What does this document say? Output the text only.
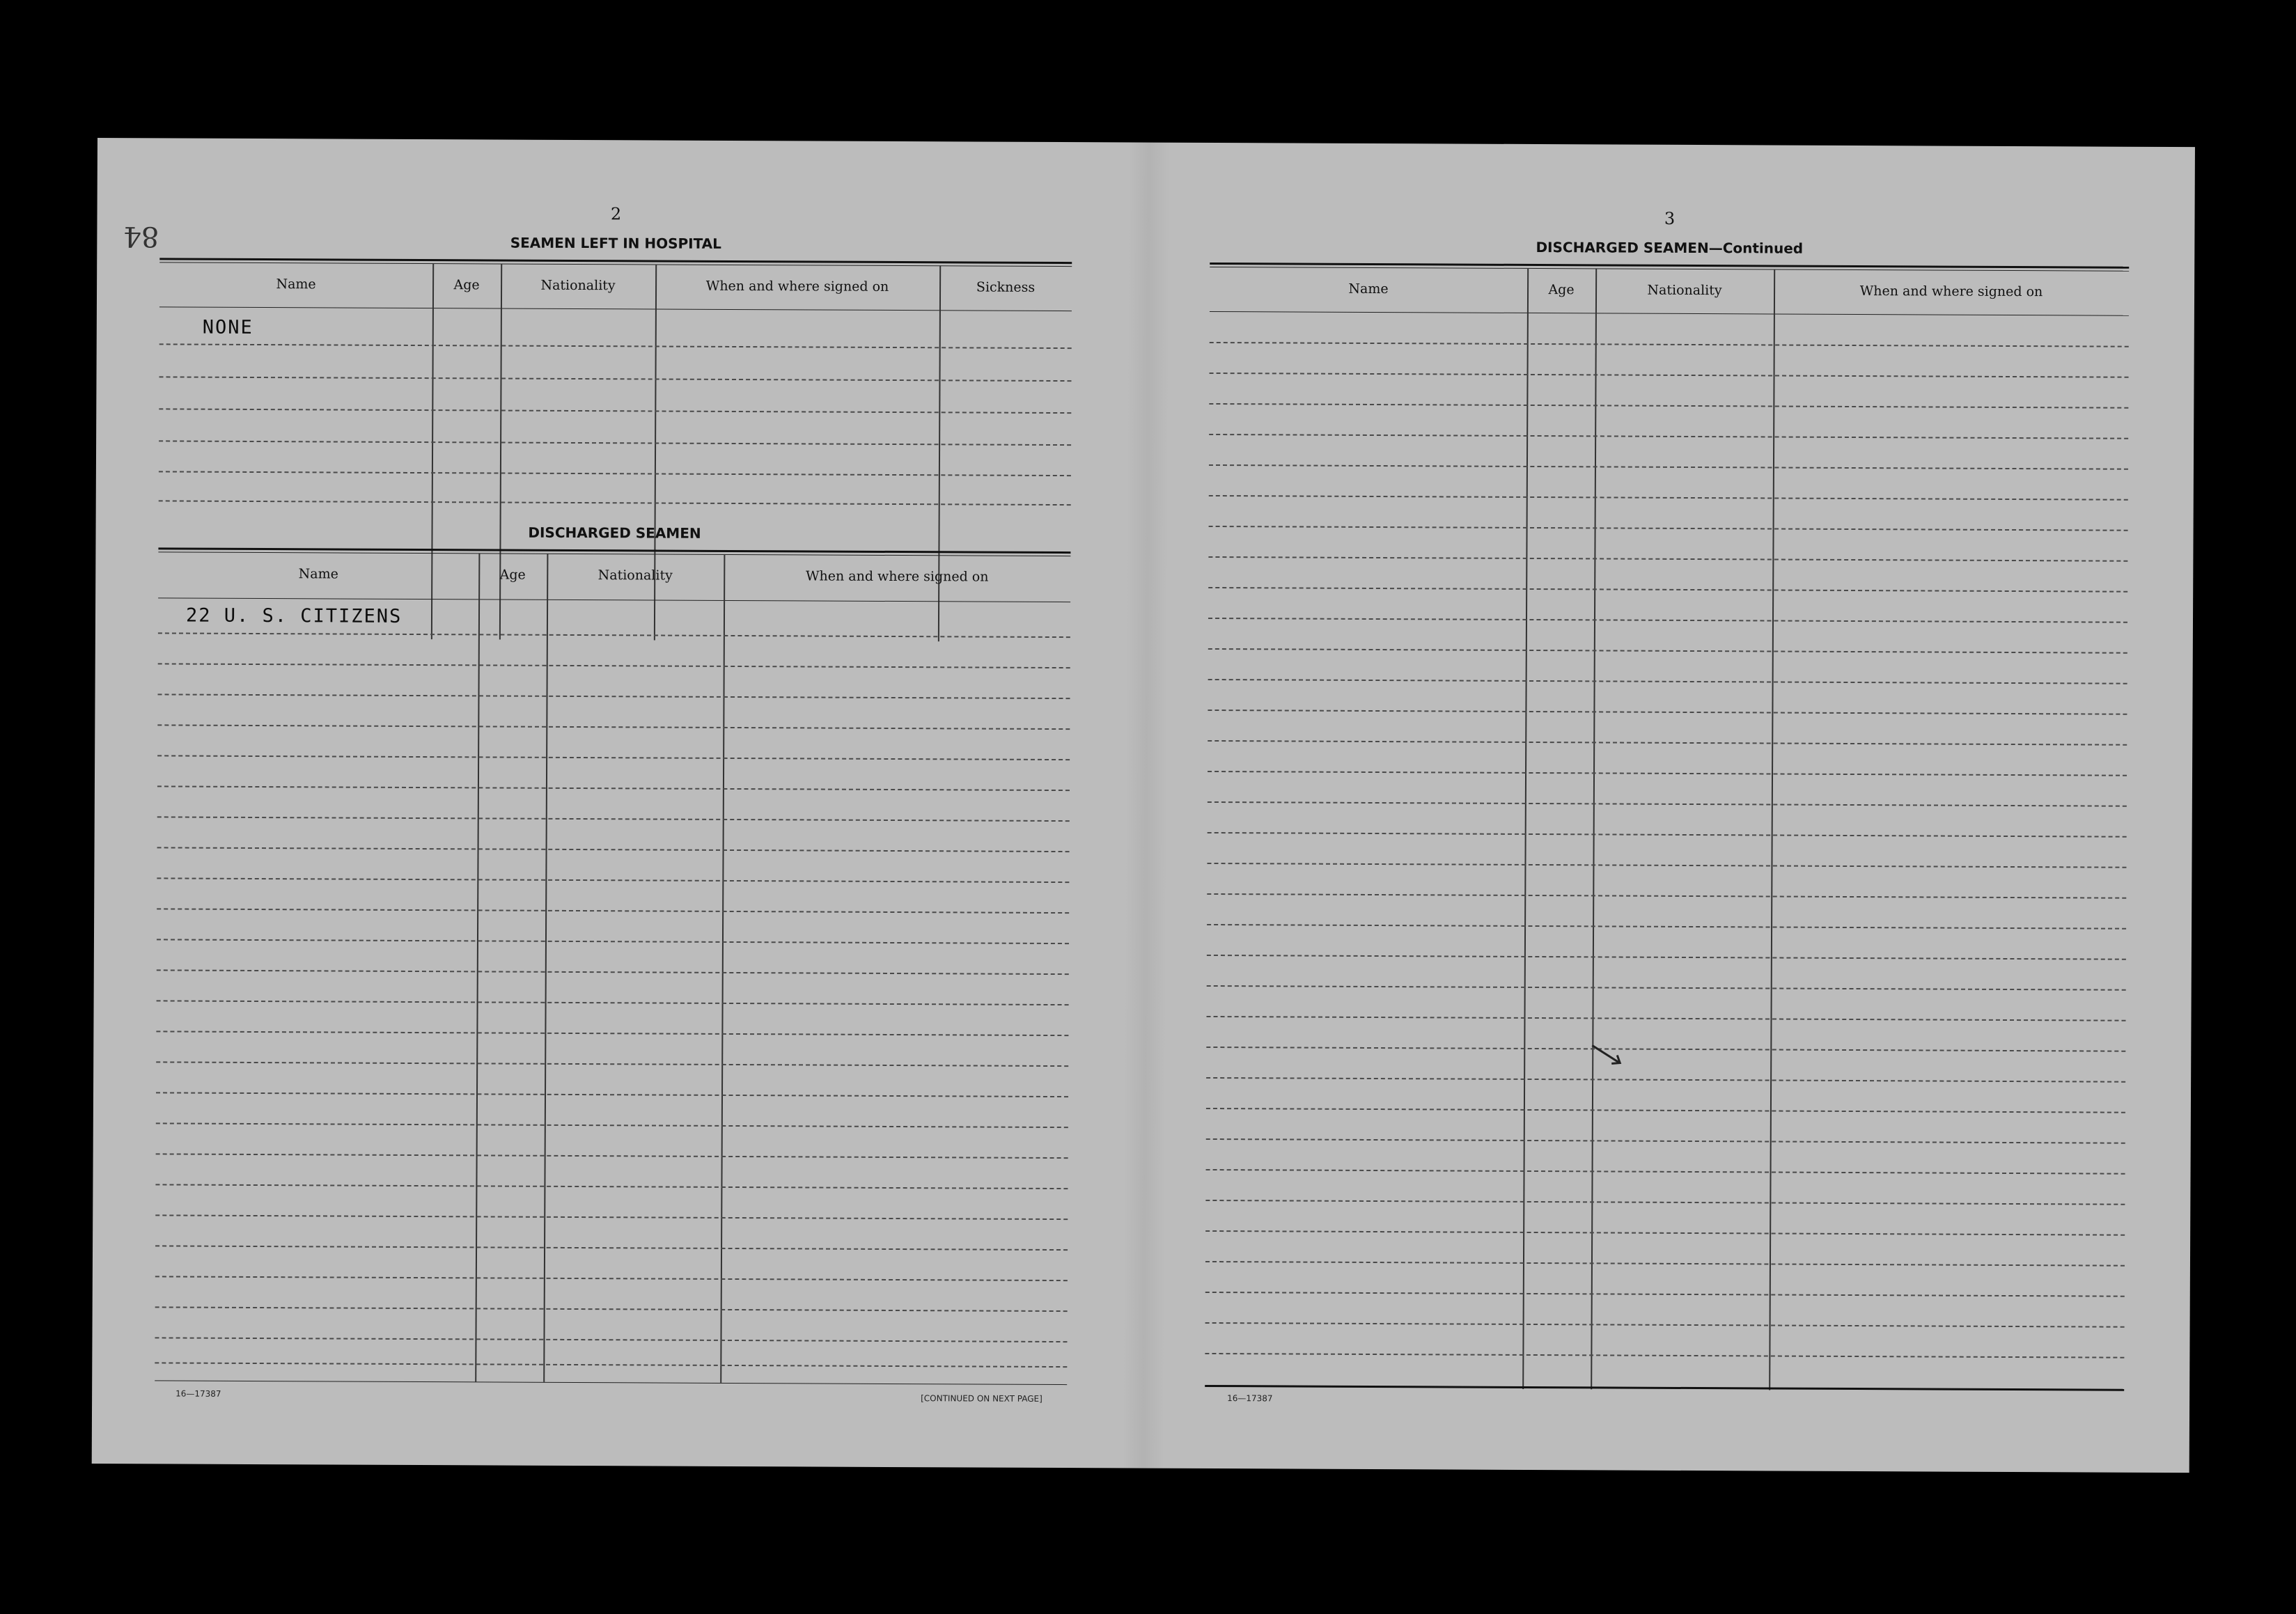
84
2
SEAMEN LEFT IN HOSPITAL
Name	Age	Nationality	When and where signed on	Sickness
NONE
DISCHARGED SEAMEN
Name	Age	Nationality	When and where signed on
22 U. S. CITIZENS
16—17387	[CONTINUED ON NEXT PAGE]
3
DISCHARGED SEAMEN—Continued
Name	Age	Nationality	When and where signed on
16—17387
